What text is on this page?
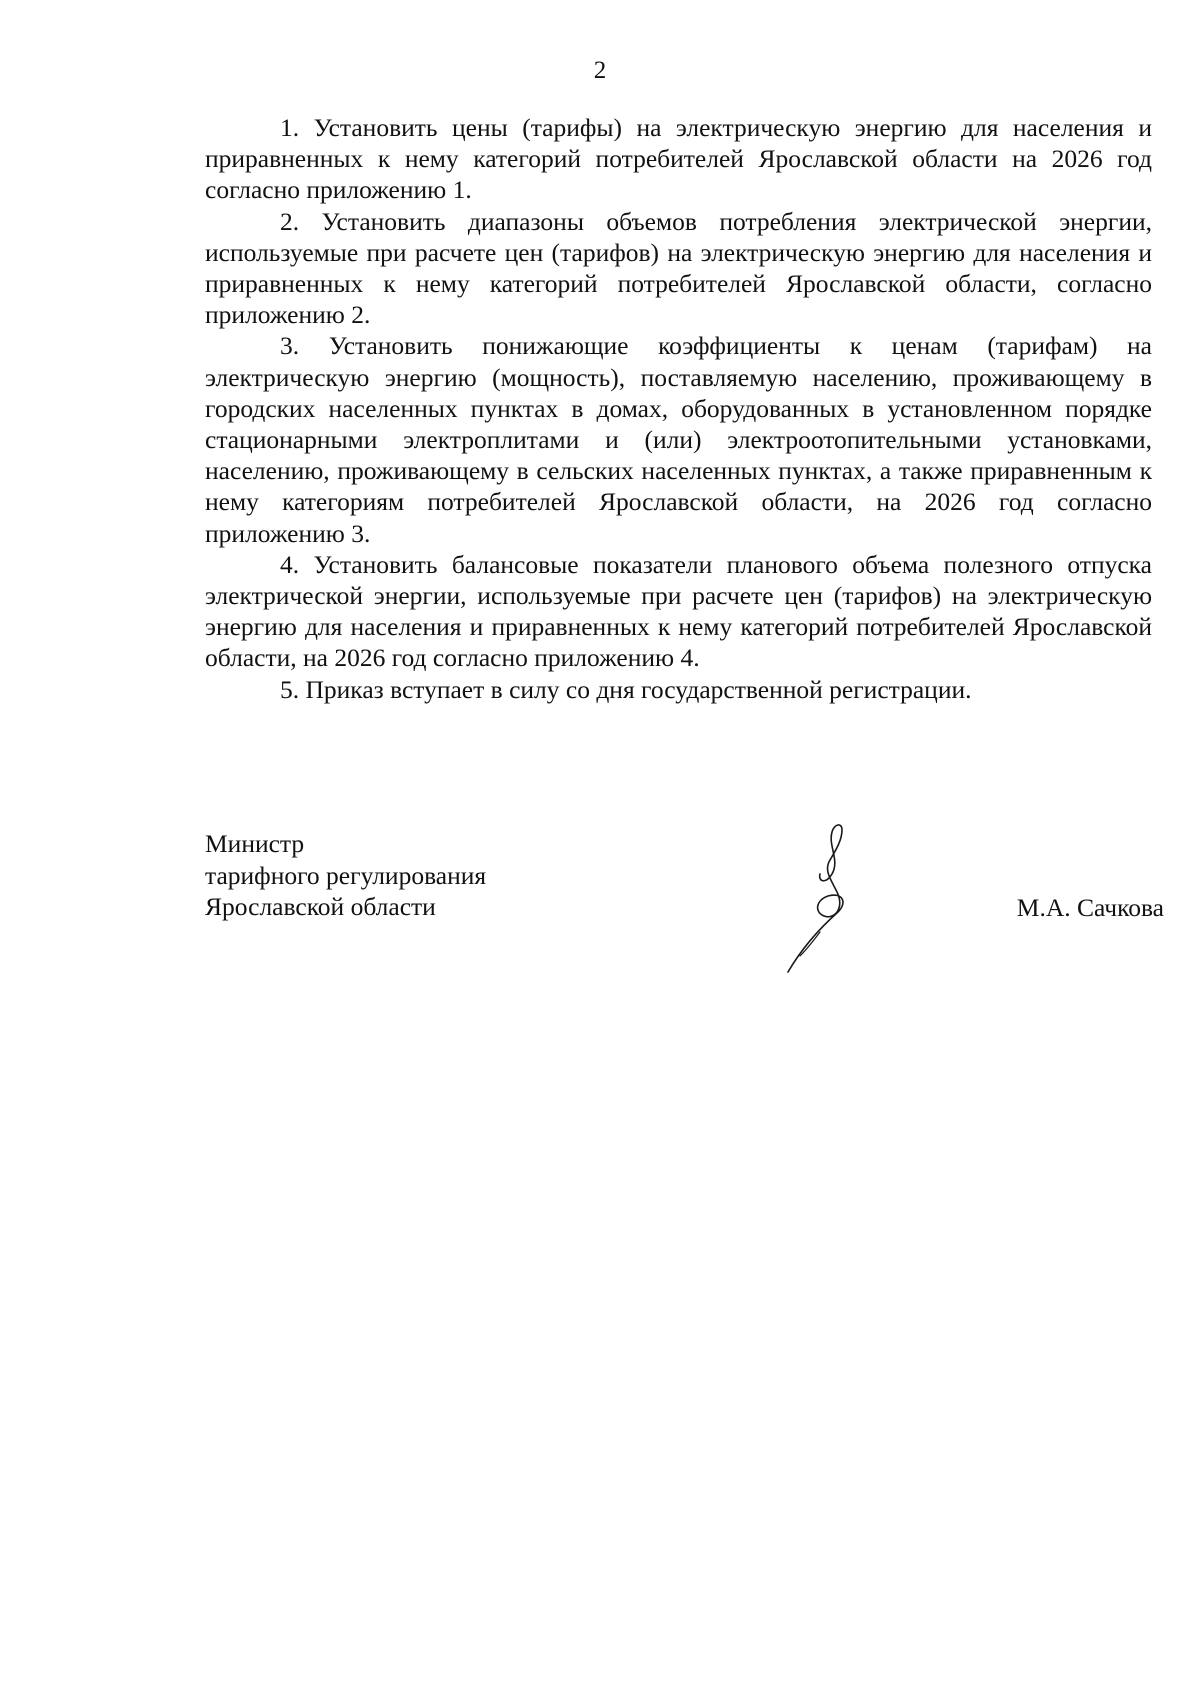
2

1. Установить цены (тарифы) на электрическую энергию для населения и приравненных к нему категорий потребителей Ярославской области на 2026 год согласно приложению 1.

2. Установить диапазоны объемов потребления электрической энергии, используемые при расчете цен (тарифов) на электрическую энергию для населения и приравненных к нему категорий потребителей Ярославской области, согласно приложению 2.

3. Установить понижающие коэффициенты к ценам (тарифам) на электрическую энергию (мощность), поставляемую населению, проживающему в городских населенных пунктах в домах, оборудованных в установленном порядке стационарными электроплитами и (или) электроотопительными установками, населению, проживающему в сельских населенных пунктах, а также приравненным к нему категориям потребителей Ярославской области, на 2026 год согласно приложению 3.

4. Установить балансовые показатели планового объема полезного отпуска электрической энергии, используемые при расчете цен (тарифов) на электрическую энергию для населения и приравненных к нему категорий потребителей Ярославской области, на 2026 год согласно приложению 4.

5. Приказ вступает в силу со дня государственной регистрации.

Министр
тарифного регулирования
Ярославской области	М.А. Сачкова
